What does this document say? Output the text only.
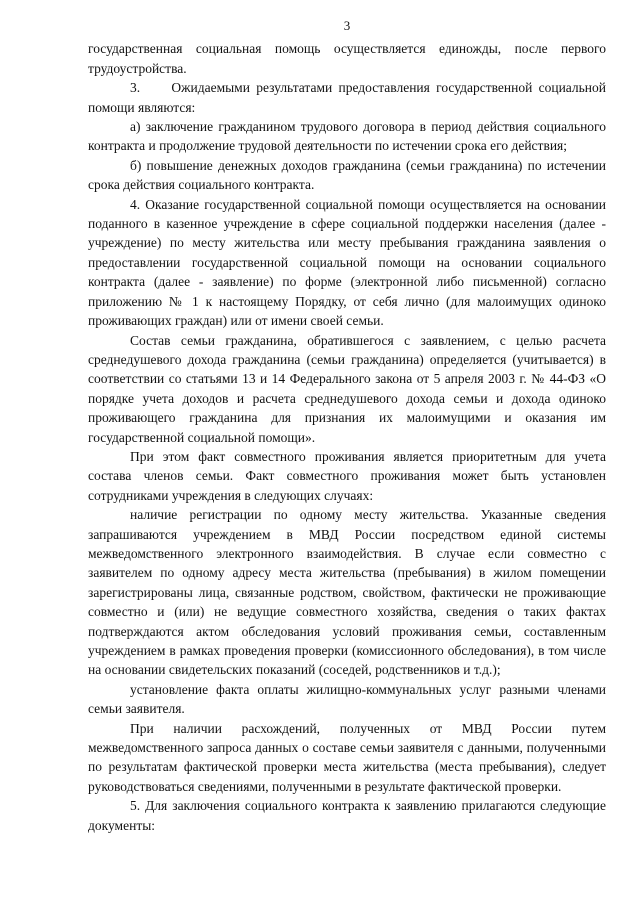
3

государственная социальная помощь осуществляется единожды, после первого трудоустройства.

3.     Ожидаемыми результатами предоставления государственной социальной помощи являются:

а) заключение гражданином трудового договора в период действия социального контракта и продолжение трудовой деятельности по истечении срока его действия;

б) повышение денежных доходов гражданина (семьи гражданина) по истечении срока действия социального контракта.

4. Оказание государственной социальной помощи осуществляется на основании поданного в казенное учреждение в сфере социальной поддержки населения (далее - учреждение) по месту жительства или месту пребывания гражданина заявления о предоставлении государственной социальной помощи на основании социального контракта (далее - заявление) по форме (электронной либо письменной) согласно приложению № 1 к настоящему Порядку, от себя лично (для малоимущих одиноко проживающих граждан) или от имени своей семьи.

Состав семьи гражданина, обратившегося с заявлением, с целью расчета среднедушевого дохода гражданина (семьи гражданина) определяется (учитывается) в соответствии со статьями 13 и 14 Федерального закона от 5 апреля 2003 г. № 44-ФЗ «О порядке учета доходов и расчета среднедушевого дохода семьи и дохода одиноко проживающего гражданина для признания их малоимущими и оказания им государственной социальной помощи».

При этом факт совместного проживания является приоритетным для учета состава членов семьи. Факт совместного проживания может быть установлен сотрудниками учреждения в следующих случаях:

наличие регистрации по одному месту жительства. Указанные сведения запрашиваются учреждением в МВД России посредством единой системы межведомственного электронного взаимодействия. В случае если совместно с заявителем по одному адресу места жительства (пребывания) в жилом помещении зарегистрированы лица, связанные родством, свойством, фактически не проживающие совместно и (или) не ведущие совместного хозяйства, сведения о таких фактах подтверждаются актом обследования условий проживания семьи, составленным учреждением в рамках проведения проверки (комиссионного обследования), в том числе на основании свидетельских показаний (соседей, родственников и т.д.);

установление факта оплаты жилищно-коммунальных услуг разными членами семьи заявителя.

При наличии расхождений, полученных от МВД России путем межведомственного запроса данных о составе семьи заявителя с данными, полученными по результатам фактической проверки места жительства (места пребывания), следует руководствоваться сведениями, полученными в результате фактической проверки.

5. Для заключения социального контракта к заявлению прилагаются следующие документы:
